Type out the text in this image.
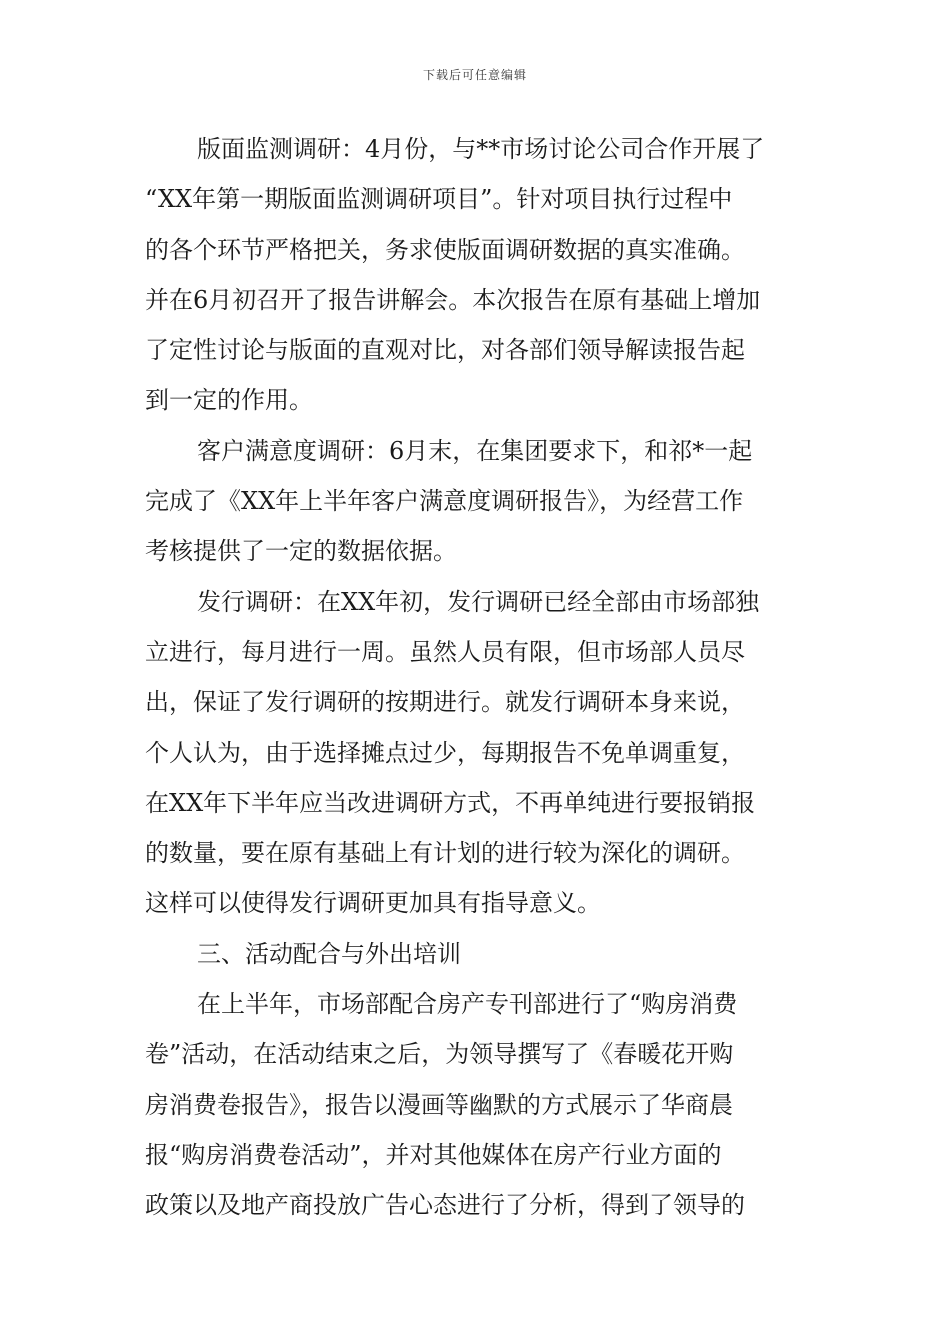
下载后可任意编辑
版面监测调研：4月份，与**市场讨论公司合作开展了
“XX年第一期版面监测调研项目”。针对项目执行过程中
的各个环节严格把关，务求使版面调研数据的真实准确。
并在6月初召开了报告讲解会。本次报告在原有基础上增加
了定性讨论与版面的直观对比，对各部们领导解读报告起
到一定的作用。
客户满意度调研：6月末，在集团要求下，和祁*一起
完成了《XX年上半年客户满意度调研报告》，为经营工作
考核提供了一定的数据依据。
发行调研：在XX年初，发行调研已经全部由市场部独
立进行，每月进行一周。虽然人员有限，但市场部人员尽
出，保证了发行调研的按期进行。就发行调研本身来说，
个人认为，由于选择摊点过少，每期报告不免单调重复，
在XX年下半年应当改进调研方式，不再单纯进行要报销报
的数量，要在原有基础上有计划的进行较为深化的调研。
这样可以使得发行调研更加具有指导意义。
三、活动配合与外出培训
在上半年，市场部配合房产专刊部进行了“购房消费
卷”活动，在活动结束之后，为领导撰写了《春暖花开购
房消费卷报告》，报告以漫画等幽默的方式展示了华商晨
报“购房消费卷活动”，并对其他媒体在房产行业方面的
政策以及地产商投放广告心态进行了分析，得到了领导的
